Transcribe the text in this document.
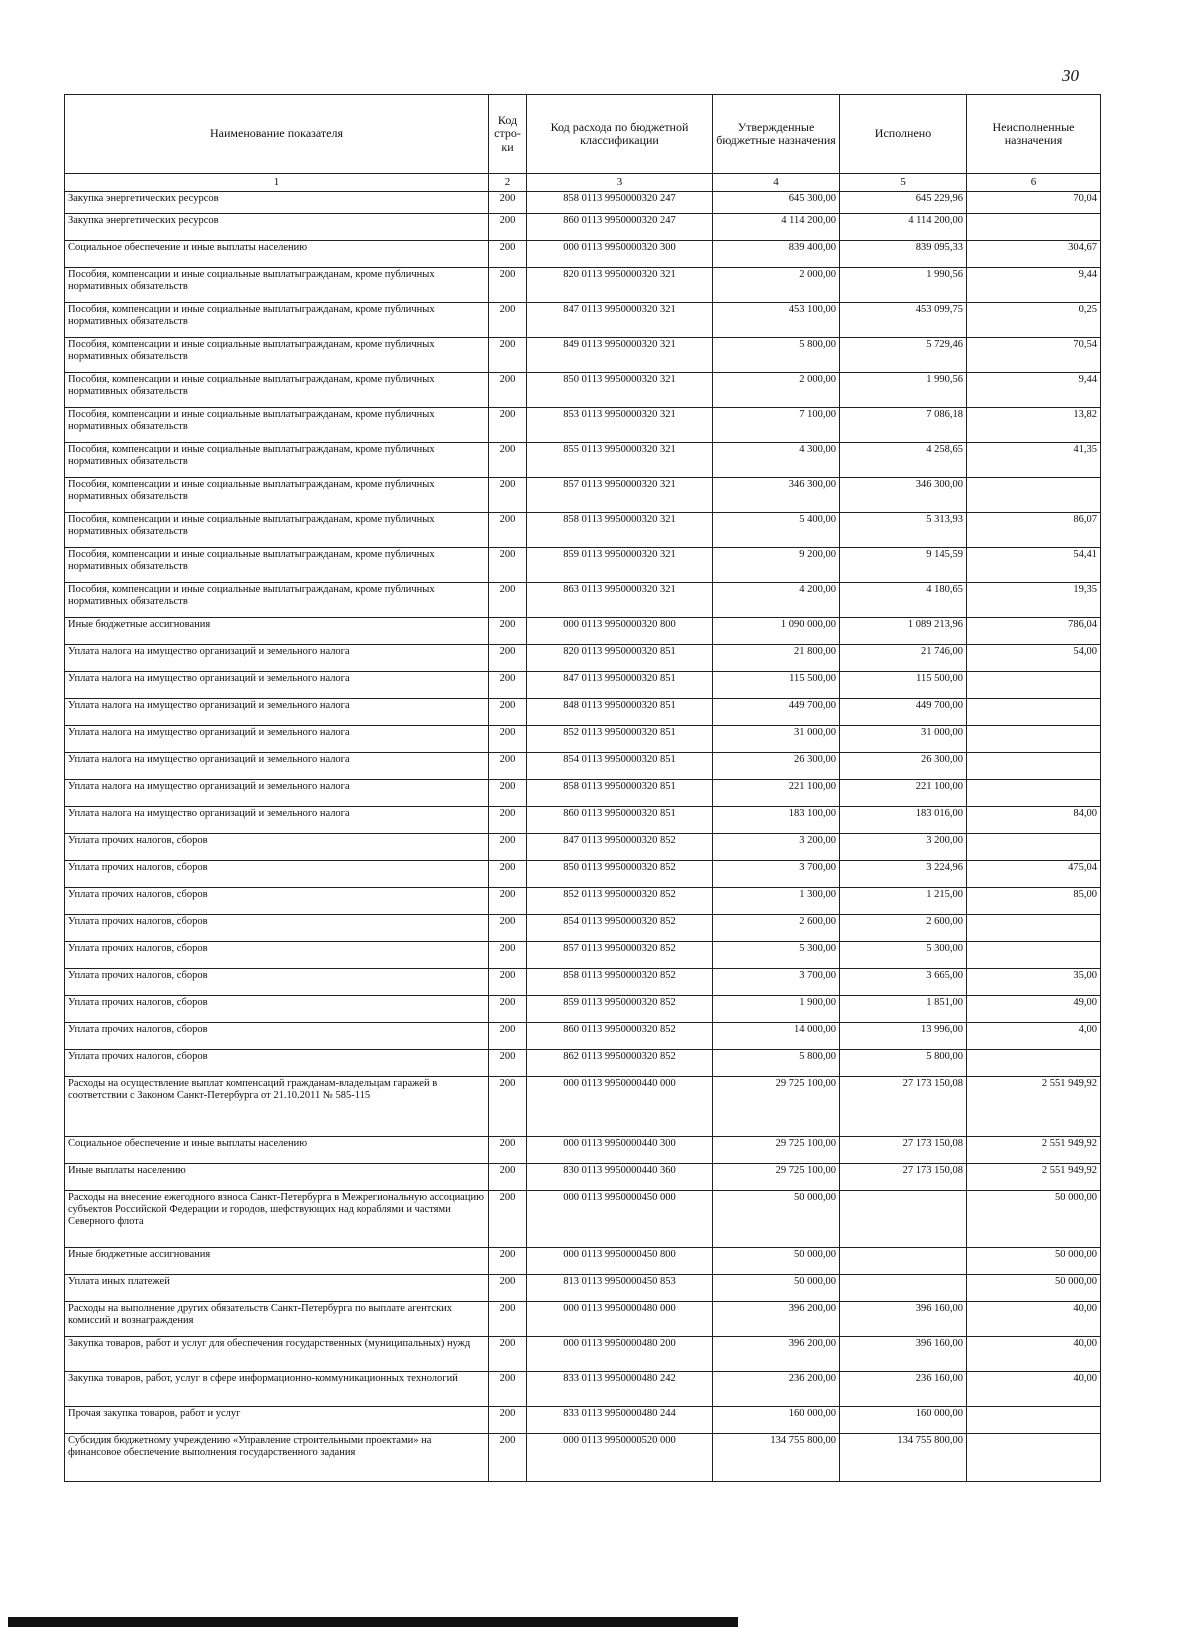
30
Наименование показателя	Код стро-ки	Код расхода по бюджетной классификации	Утвержденные бюджетные назначения	Исполнено	Неисполненные назначения
1	2	3	4	5	6
Закупка энергетических ресурсов	200	858 0113 9950000320 247	645 300,00	645 229,96	70,04
Закупка энергетических ресурсов	200	860 0113 9950000320 247	4 114 200,00	4 114 200,00	
Социальное обеспечение и иные выплаты населению	200	000 0113 9950000320 300	839 400,00	839 095,33	304,67
Пособия, компенсации и иные социальные выплатыгражданам, кроме публичных нормативных обязательств	200	820 0113 9950000320 321	2 000,00	1 990,56	9,44
Пособия, компенсации и иные социальные выплатыгражданам, кроме публичных нормативных обязательств	200	847 0113 9950000320 321	453 100,00	453 099,75	0,25
Пособия, компенсации и иные социальные выплатыгражданам, кроме публичных нормативных обязательств	200	849 0113 9950000320 321	5 800,00	5 729,46	70,54
Пособия, компенсации и иные социальные выплатыгражданам, кроме публичных нормативных обязательств	200	850 0113 9950000320 321	2 000,00	1 990,56	9,44
Пособия, компенсации и иные социальные выплатыгражданам, кроме публичных нормативных обязательств	200	853 0113 9950000320 321	7 100,00	7 086,18	13,82
Пособия, компенсации и иные социальные выплатыгражданам, кроме публичных нормативных обязательств	200	855 0113 9950000320 321	4 300,00	4 258,65	41,35
Пособия, компенсации и иные социальные выплатыгражданам, кроме публичных нормативных обязательств	200	857 0113 9950000320 321	346 300,00	346 300,00	
Пособия, компенсации и иные социальные выплатыгражданам, кроме публичных нормативных обязательств	200	858 0113 9950000320 321	5 400,00	5 313,93	86,07
Пособия, компенсации и иные социальные выплатыгражданам, кроме публичных нормативных обязательств	200	859 0113 9950000320 321	9 200,00	9 145,59	54,41
Пособия, компенсации и иные социальные выплатыгражданам, кроме публичных нормативных обязательств	200	863 0113 9950000320 321	4 200,00	4 180,65	19,35
Иные бюджетные ассигнования	200	000 0113 9950000320 800	1 090 000,00	1 089 213,96	786,04
Уплата налога на имущество организаций и земельного налога	200	820 0113 9950000320 851	21 800,00	21 746,00	54,00
Уплата налога на имущество организаций и земельного налога	200	847 0113 9950000320 851	115 500,00	115 500,00	
Уплата налога на имущество организаций и земельного налога	200	848 0113 9950000320 851	449 700,00	449 700,00	
Уплата налога на имущество организаций и земельного налога	200	852 0113 9950000320 851	31 000,00	31 000,00	
Уплата налога на имущество организаций и земельного налога	200	854 0113 9950000320 851	26 300,00	26 300,00	
Уплата налога на имущество организаций и земельного налога	200	858 0113 9950000320 851	221 100,00	221 100,00	
Уплата налога на имущество организаций и земельного налога	200	860 0113 9950000320 851	183 100,00	183 016,00	84,00
Уплата прочих налогов, сборов	200	847 0113 9950000320 852	3 200,00	3 200,00	
Уплата прочих налогов, сборов	200	850 0113 9950000320 852	3 700,00	3 224,96	475,04
Уплата прочих налогов, сборов	200	852 0113 9950000320 852	1 300,00	1 215,00	85,00
Уплата прочих налогов, сборов	200	854 0113 9950000320 852	2 600,00	2 600,00	
Уплата прочих налогов, сборов	200	857 0113 9950000320 852	5 300,00	5 300,00	
Уплата прочих налогов, сборов	200	858 0113 9950000320 852	3 700,00	3 665,00	35,00
Уплата прочих налогов, сборов	200	859 0113 9950000320 852	1 900,00	1 851,00	49,00
Уплата прочих налогов, сборов	200	860 0113 9950000320 852	14 000,00	13 996,00	4,00
Уплата прочих налогов, сборов	200	862 0113 9950000320 852	5 800,00	5 800,00	
Расходы на осуществление выплат компенсаций гражданам-владельцам гаражей в соответствии с Законом Санкт-Петербурга от 21.10.2011 № 585-115	200	000 0113 9950000440 000	29 725 100,00	27 173 150,08	2 551 949,92
Социальное обеспечение и иные выплаты населению	200	000 0113 9950000440 300	29 725 100,00	27 173 150,08	2 551 949,92
Иные выплаты населению	200	830 0113 9950000440 360	29 725 100,00	27 173 150,08	2 551 949,92
Расходы на внесение ежегодного взноса Санкт-Петербурга в Межрегиональную ассоциацию субъектов Российской Федерации и городов, шефствующих над кораблями и частями Северного флота	200	000 0113 9950000450 000	50 000,00		50 000,00
Иные бюджетные ассигнования	200	000 0113 9950000450 800	50 000,00		50 000,00
Уплата иных платежей	200	813 0113 9950000450 853	50 000,00		50 000,00
Расходы на выполнение других обязательств Санкт-Петербурга по выплате агентских комиссий и вознаграждения	200	000 0113 9950000480 000	396 200,00	396 160,00	40,00
Закупка товаров, работ и услуг для обеспечения государственных (муниципальных) нужд	200	000 0113 9950000480 200	396 200,00	396 160,00	40,00
Закупка товаров, работ, услуг в сфере информационно-коммуникационных технологий	200	833 0113 9950000480 242	236 200,00	236 160,00	40,00
Прочая закупка товаров, работ и услуг	200	833 0113 9950000480 244	160 000,00	160 000,00	
Субсидия бюджетному учреждению «Управление строительными проектами» на финансовое обеспечение выполнения государственного задания	200	000 0113 9950000520 000	134 755 800,00	134 755 800,00	
